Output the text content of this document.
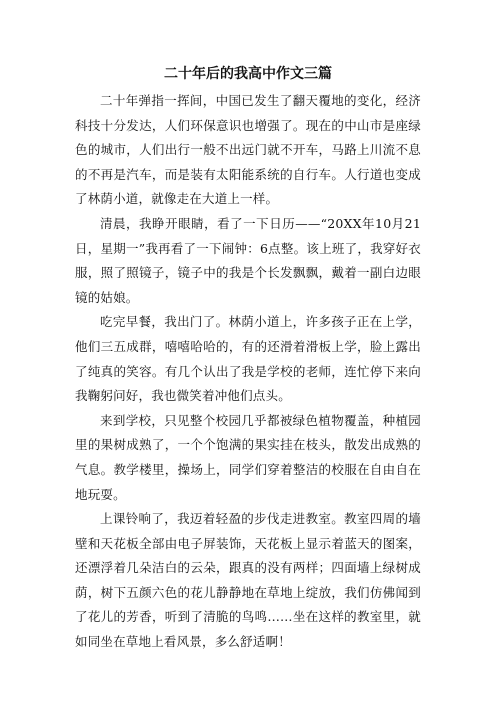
二十年后的我高中作文三篇

二十年弹指一挥间，中国已发生了翻天覆地的变化，经济科技十分发达，人们环保意识也增强了。现在的中山市是座绿色的城市，人们出行一般不出远门就不开车，马路上川流不息的不再是汽车，而是装有太阳能系统的自行车。人行道也变成了林荫小道，就像走在大道上一样。

清晨，我睁开眼睛，看了一下日历——“20XX年10月21日，星期一”我再看了一下闹钟：6点整。该上班了，我穿好衣服，照了照镜子，镜子中的我是个长发飘飘，戴着一副白边眼镜的姑娘。

吃完早餐，我出门了。林荫小道上，许多孩子正在上学，他们三五成群，嘻嘻哈哈的，有的还滑着滑板上学，脸上露出了纯真的笑容。有几个认出了我是学校的老师，连忙停下来向我鞠躬问好，我也微笑着冲他们点头。

来到学校，只见整个校园几乎都被绿色植物覆盖，种植园里的果树成熟了，一个个饱满的果实挂在枝头，散发出成熟的气息。教学楼里，操场上，同学们穿着整洁的校服在自由自在地玩耍。

上课铃响了，我迈着轻盈的步伐走进教室。教室四周的墙壁和天花板全部由电子屏装饰，天花板上显示着蓝天的图案，还漂浮着几朵洁白的云朵，跟真的没有两样；四面墙上绿树成荫，树下五颜六色的花儿静静地在草地上绽放，我们仿佛闻到了花儿的芳香，听到了清脆的鸟鸣……坐在这样的教室里，就如同坐在草地上看风景，多么舒适啊！
